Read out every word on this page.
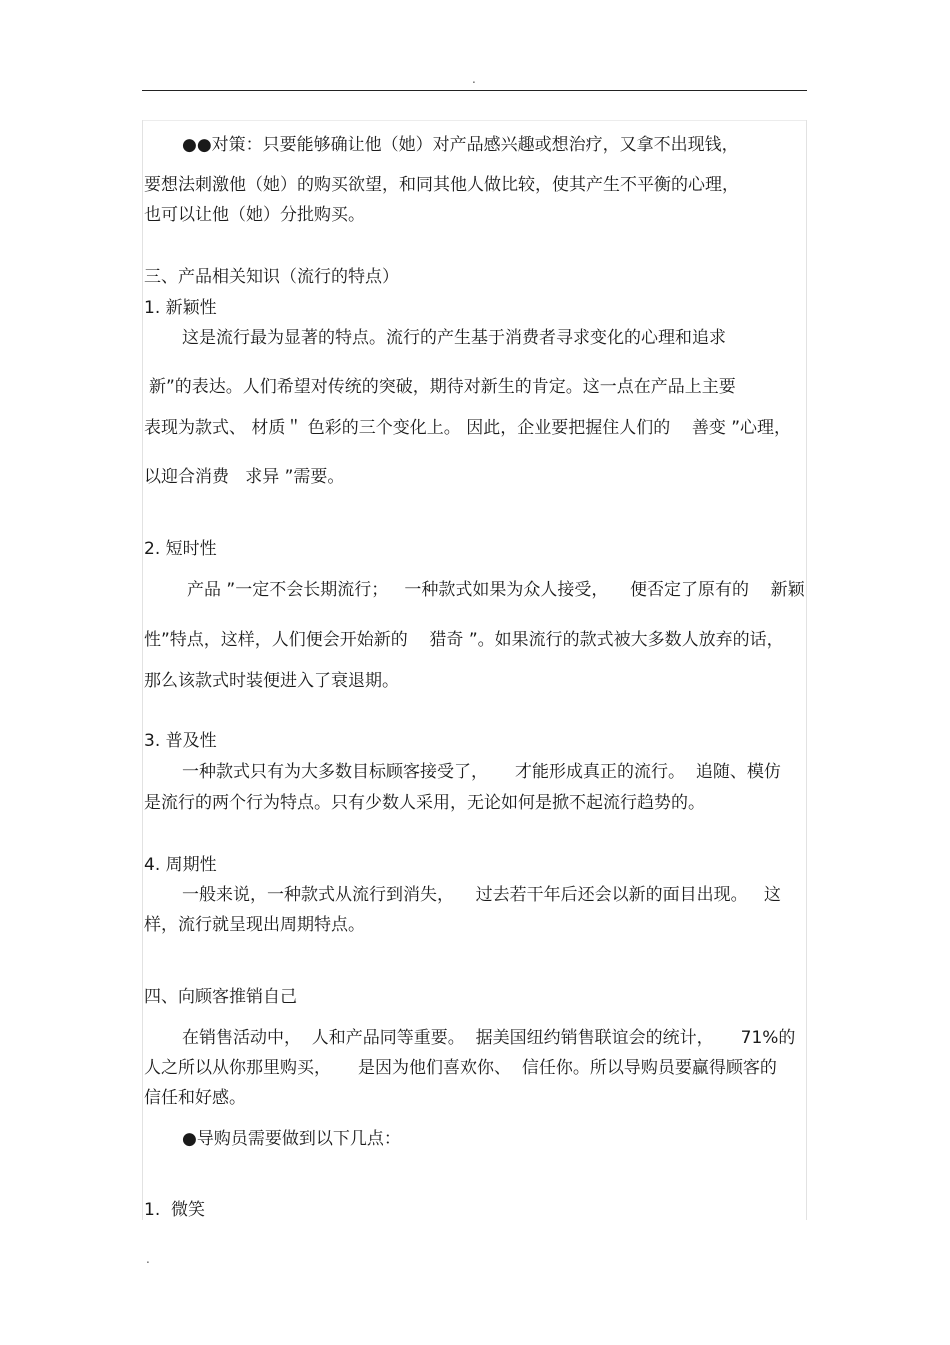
.
●●对策：只要能够确让他（她）对产品感兴趣或想治疗，又拿不出现钱，
要想法刺激他（她）的购买欲望，和同其他人做比较，使其产生不平衡的心理，
也可以让他（她）分批购买。
三、产品相关知识（流行的特点）
1. 新颖性
这是流行最为显著的特点。流行的产生基于消费者寻求变化的心理和追求
新”的表达。人们希望对传统的突破，期待对新生的肯定。这一点在产品上主要
表现为款式、 材质＂ 色彩的三个变化上。 因此，企业要把握住人们的    善变 ”心理，
以迎合消费   求异 ”需要。
2. 短时性
产品 ”一定不会长期流行；   一种款式如果为众人接受，    便否定了原有的    新颖
性”特点，这样，人们便会开始新的    猎奇 ”。如果流行的款式被大多数人放弃的话，
那么该款式时装便进入了衰退期。
3. 普及性
一种款式只有为大多数目标顾客接受了，     才能形成真正的流行。  追随、模仿
是流行的两个行为特点。只有少数人采用，无论如何是掀不起流行趋势的。
4. 周期性
一般来说，一种款式从流行到消失，    过去若干年后还会以新的面目出现。   这
样，流行就呈现出周期特点。
四、向顾客推销自己
在销售活动中，  人和产品同等重要。  据美国纽约销售联谊会的统计，     71%的
人之所以从你那里购买，     是因为他们喜欢你、  信任你。所以导购员要赢得顾客的
信任和好感。
●导购员需要做到以下几点：
1.  微笑
.
